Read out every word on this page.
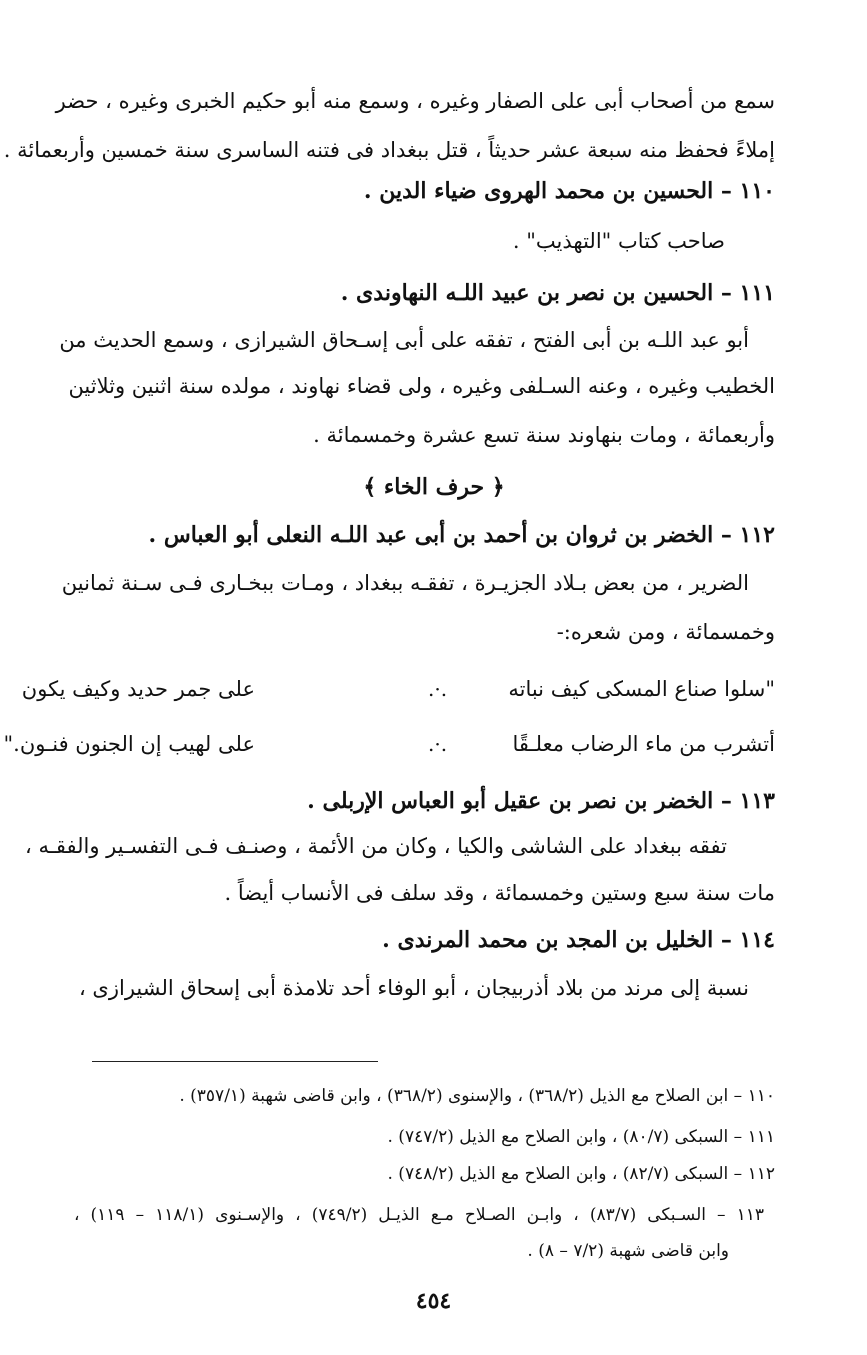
سمع من أصحاب أبى على الصفار وغيره ، وسمع منه أبو حكيم الخبرى وغيره ، حضر
إملاءً فحفظ منه سبعة عشر حديثاً ، قتل ببغداد فى فتنه الساسرى سنة خمسين وأربعمائة .
١١٠ – الحسين بن محمد الهروى ضياء الدين .
صاحب كتاب "التهذيب" .
١١١ – الحسين بن نصر بن عبيد اللـه النهاوندى .
أبو عبد اللـه بن أبى الفتح ، تفقه على أبى إسـحاق الشيرازى ، وسمع الحديث من
الخطيب وغيره ، وعنه السـلفى وغيره ، ولى قضاء نهاوند ، مولده سنة اثنين وثلاثين
وأربعمائة ، ومات بنهاوند سنة تسع عشرة وخمسمائة .
﴿ حرف الخاء ﴾
١١٢ – الخضر بن ثروان بن أحمد بن أبى عبد اللـه النعلى أبو العباس .
الضرير ، من بعض بـلاد الجزيـرة ، تفقـه ببغداد ، ومـات ببخـارى فـى سـنة ثمانين
وخمسمائة ، ومن شعره:-
"سلوا صناع المسكى كيف نباته
.·.
على جمر حديد وكيف يكون
أتشرب من ماء الرضاب معلـقًا
.·.
على لهيب إن الجنون فنـون."
١١٣ – الخضر بن نصر بن عقيل أبو العباس الإربلى .
تفقه ببغداد على الشاشى والكيا ، وكان من الأئمة ، وصنـف فـى التفسـير والفقـه ،
مات سنة سبع وستين وخمسمائة ، وقد سلف فى الأنساب أيضاً .
١١٤ – الخليل بن المجد بن محمد المرندى .
نسبة إلى مرند من بلاد أذربيجان ، أبو الوفاء أحد تلامذة أبى إسحاق الشيرازى ،
١١٠ – ابن الصلاح مع الذيل (٣٦٨/٢) ، والإسنوى (٣٦٨/٢) ، وابن قاضى شهبة (٣٥٧/١) .
١١١ – السبكى (٨٠/٧) ، وابن الصلاح مع الذيل (٧٤٧/٢) .
١١٢ – السبكى (٨٢/٧) ، وابن الصلاح مع الذيل (٧٤٨/٢) .
١١٣ – السـبكى (٨٣/٧) ، وابـن الصـلاح مـع الذيـل (٧٤٩/٢) ، والإسـنوى (١١٨/١ – ١١٩) ،
وابن قاضى شهبة (٧/٢ – ٨) .
٤٥٤
